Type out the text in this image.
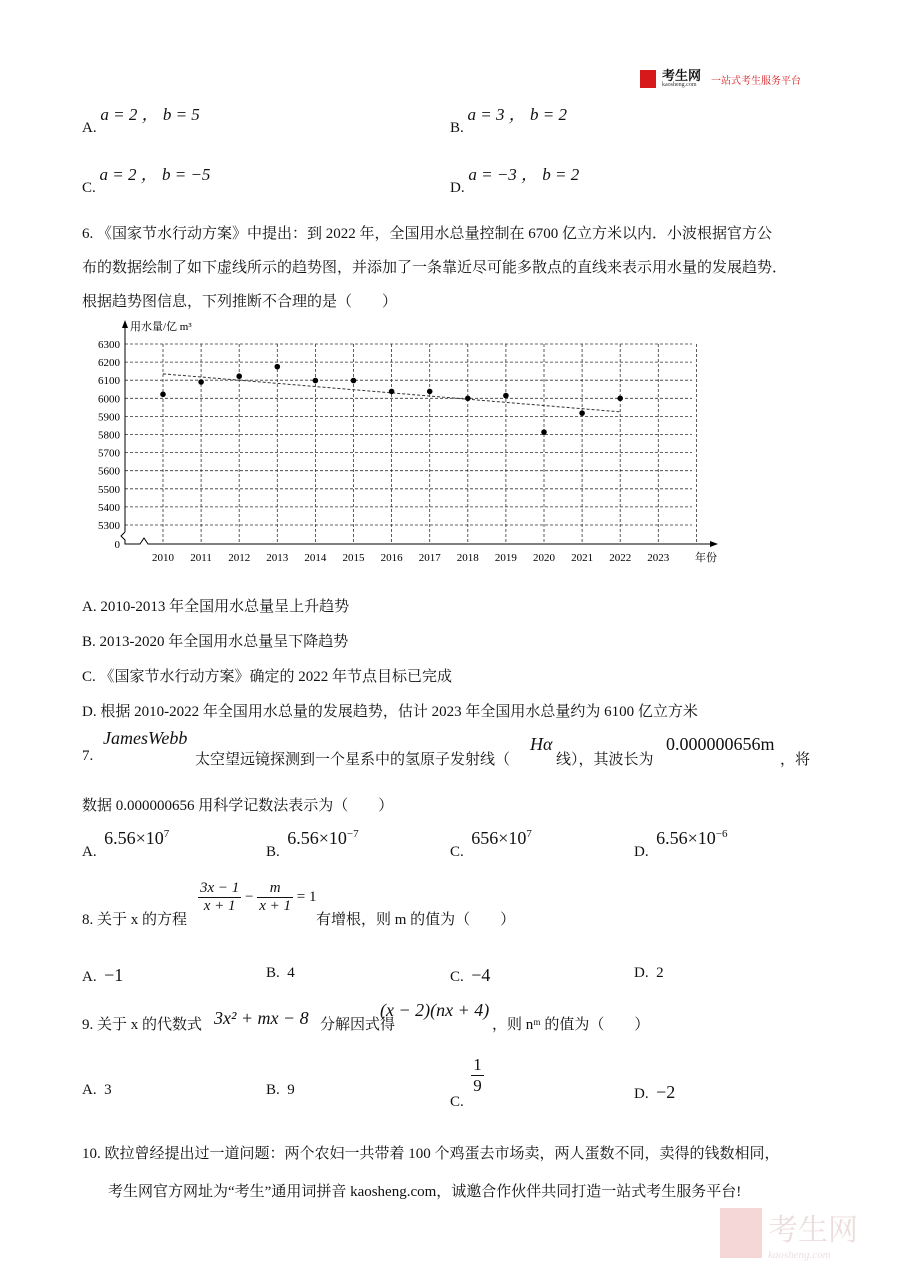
考生网
kaosheng.com	一站式考生服务平台
A. a = 2 ， b = 5
B. a = 3 ， b = 2
C. a = 2 ， b = −5
D. a = −3 ， b = 2
6. 《国家节水行动方案》中提出：到 2022 年，全国用水总量控制在 6700 亿立方米以内．小波根据官方公
布的数据绘制了如下虚线所示的趋势图，并添加了一条靠近尽可能多散点的直线来表示用水量的发展趋势．
根据趋势图信息，下列推断不合理的是（　　）
6300
6200
6100
6000
5900
5800
5700
5600
5500
5400
5300
0
2010 2011 2012 2013 2014 2015 2016 2017 2018 2019 2020 2021 2022 2023
用水量/亿 m³
年份
A. 2010-2013 年全国用水总量呈上升趋势
B. 2013-2020 年全国用水总量呈下降趋势
C. 《国家节水行动方案》确定的 2022 年节点目标已完成
D. 根据 2010-2022 年全国用水总量的发展趋势，估计 2023 年全国用水总量约为 6100 亿立方米
7.
JamesWebb
太空望远镜探测到一个星系中的氢原子发射线（
Hα
线），其波长为
0.000000656m
，将
数据 0.000000656 用科学记数法表示为（　　）
A.  $6.56\times 10^7$
B.  $6.56\times 10^{-7}$
C.  $656\times 10^7$
D.  $6.56\times 10^{-6}$
8. 关于 x 的方程
$\frac{3x - 1}{x + 1} - \frac{m}{x + 1} = 1$
有增根，则 m 的值为（　　）
A. −1	B. 4	C. −4	D. 2
9. 关于 x 的代数式 3x² + mx − 8 分解因式得
(x − 2)(nx + 4)
，则 nᵐ 的值为（　　）
A. 3	B. 9
C.
$\frac{1}{9}$	D. −2
10. 欧拉曾经提出过一道问题：两个农妇一共带着 100 个鸡蛋去市场卖，两人蛋数不同，卖得的钱数相同，
考生网官方网址为“考生”通用词拼音 kaosheng.com，诚邀合作伙伴共同打造一站式考生服务平台!
考生网
kaosheng.com
